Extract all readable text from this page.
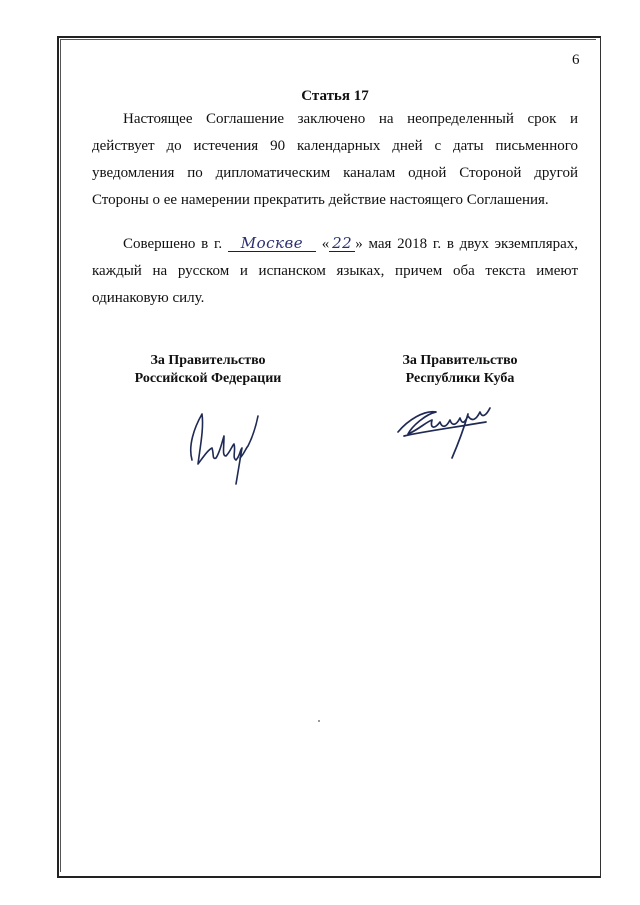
6
Статья 17

Настоящее Соглашение заключено на неопределенный срок и действует до истечения 90 календарных дней с даты письменного уведомления по дипломатическим каналам одной Стороной другой Стороны о ее намерении прекратить действие настоящего Соглашения.

Совершено в г. Москве « 22 » мая 2018 г. в двух экземплярах, каждый на русском и испанском языках, причем оба текста имеют одинаковую силу.

За Правительство
Российской Федерации
За Правительство
Республики Куба
